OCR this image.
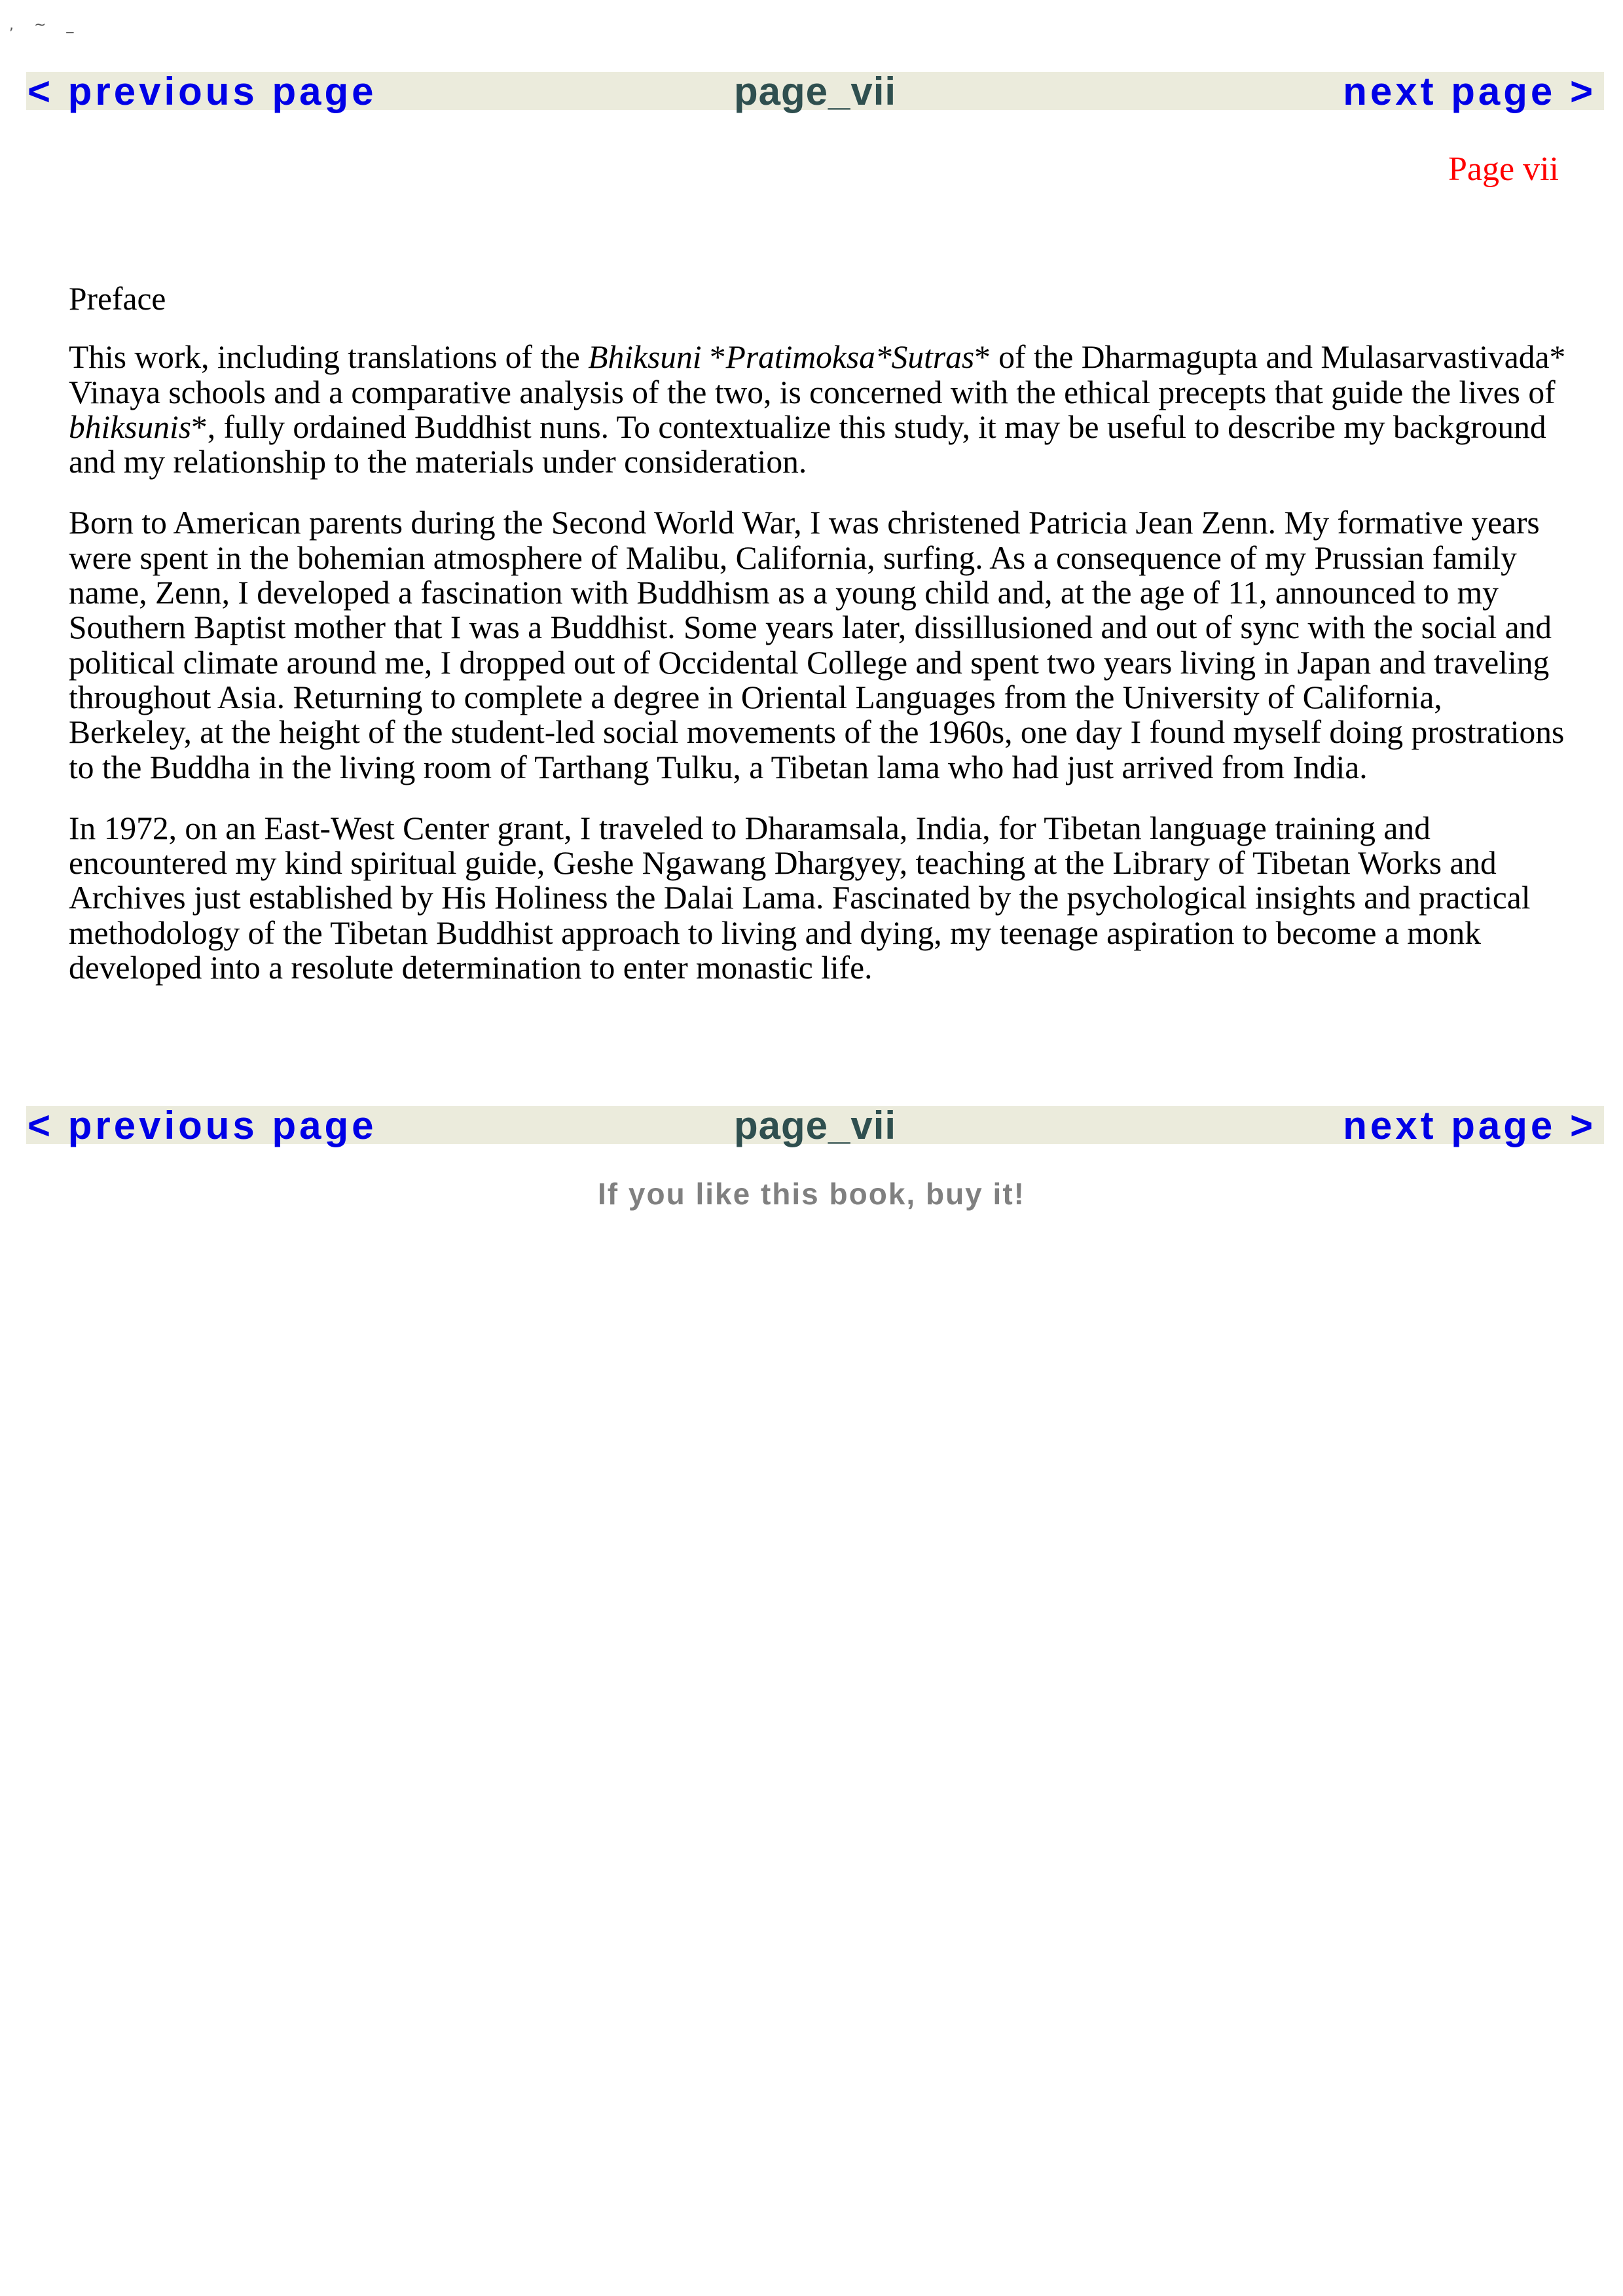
, ~ _
page_vii
< previous page	next page >
Page vii

Preface

This work, including translations of the Bhiksuni *Pratimoksa*Sutras* of the Dharmagupta and Mulasarvastivada* Vinaya schools and a comparative analysis of the two, is concerned with the ethical precepts that guide the lives of bhiksunis*, fully ordained Buddhist nuns. To contextualize this study, it may be useful to describe my background and my relationship to the materials under consideration.

Born to American parents during the Second World War, I was christened Patricia Jean Zenn. My formative years were spent in the bohemian atmosphere of Malibu, California, surfing. As a consequence of my Prussian family name, Zenn, I developed a fascination with Buddhism as a young child and, at the age of 11, announced to my Southern Baptist mother that I was a Buddhist. Some years later, dissillusioned and out of sync with the social and political climate around me, I dropped out of Occidental College and spent two years living in Japan and traveling throughout Asia. Returning to complete a degree in Oriental Languages from the University of California, Berkeley, at the height of the student-led social movements of the 1960s, one day I found myself doing prostrations to the Buddha in the living room of Tarthang Tulku, a Tibetan lama who had just arrived from India.

In 1972, on an East-West Center grant, I traveled to Dharamsala, India, for Tibetan language training and encountered my kind spiritual guide, Geshe Ngawang Dhargyey, teaching at the Library of Tibetan Works and Archives just established by His Holiness the Dalai Lama. Fascinated by the psychological insights and practical methodology of the Tibetan Buddhist approach to living and dying, my teenage aspiration to become a monk developed into a resolute determination to enter monastic life.

page_vii
< previous page	next page >
If you like this book, buy it!
